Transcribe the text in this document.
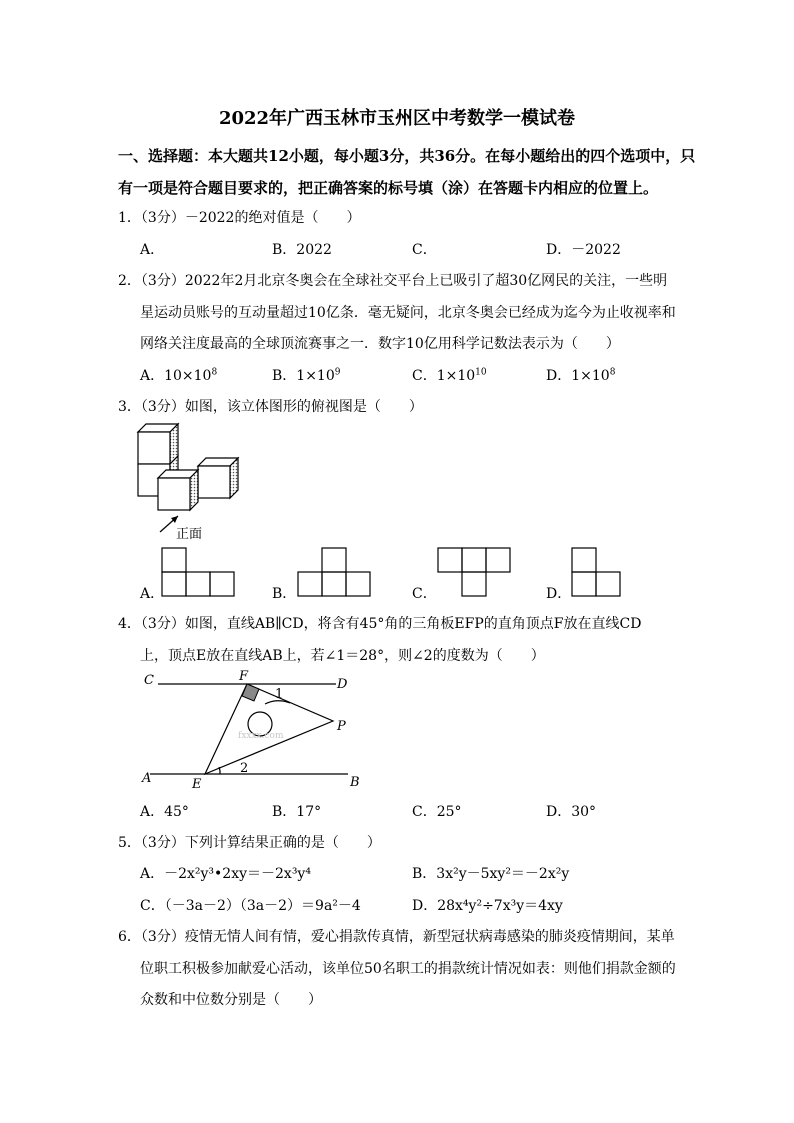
2022年广西玉林市玉州区中考数学一模试卷
一、选择题：本大题共12小题，每小题3分，共36分。在每小题给出的四个选项中，只
有一项是符合题目要求的，把正确答案的标号填（涂）在答题卡内相应的位置上。
1．（3分）－2022的绝对值是（　　）
A．	B．2022	C．	D．－2022
2．（3分）2022年2月北京冬奥会在全球社交平台上已吸引了超30亿网民的关注，一些明
星运动员账号的互动量超过10亿条．毫无疑问，北京冬奥会已经成为迄今为止收视率和
网络关注度最高的全球顶流赛事之一．数字10亿用科学记数法表示为（　　）
A．$10\times 10^8$	B．$1\times 10^9$	C．$1\times 10^{10}$	D．$1\times 10^8$
3．（3分）如图，该立体图形的俯视图是（　　）
正面
A．	B．	C．	D．
4．（3分）如图，直线AB∥CD，将含有45°角的三角板EFP的直角顶点F放在直线CD
上，顶点E放在直线AB上，若∠1＝28°，则∠2的度数为（　　）
C	F
D
P
A	E	B
1
2
fxxxx.com
A．45°	B．17°	C．25°	D．30°
5．（3分）下列计算结果正确的是（　　）
A．－2x²y³•2xy＝－2x³y⁴	B．3x²y－5xy²＝－2x²y
C．（－3a－2）（3a－2）＝9a²－4	D．28x⁴y²÷7x³y＝4xy
6．（3分）疫情无情人间有情，爱心捐款传真情，新型冠状病毒感染的肺炎疫情期间，某单
位职工积极参加献爱心活动，该单位50名职工的捐款统计情况如表：则他们捐款金额的
众数和中位数分别是（　　）
